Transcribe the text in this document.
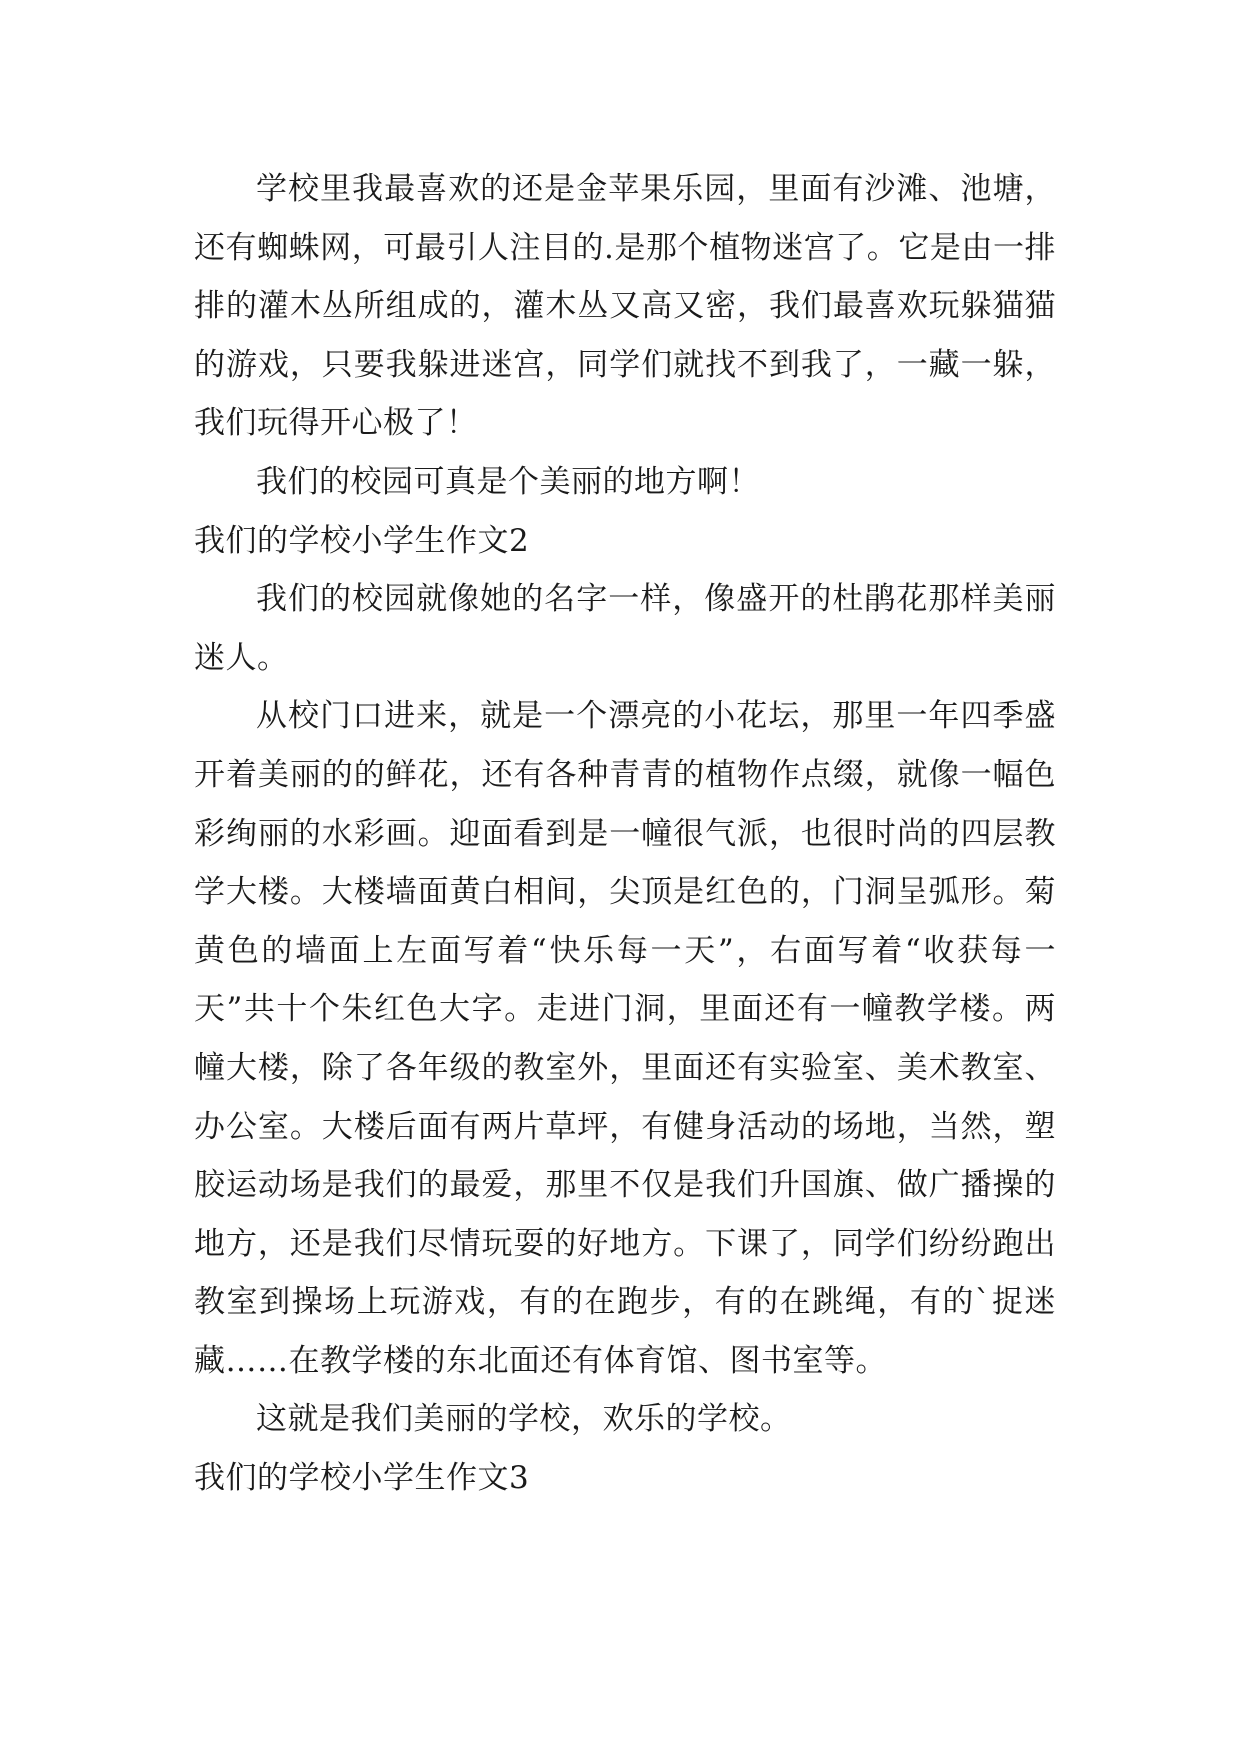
学校里我最喜欢的还是金苹果乐园，里面有沙滩、池塘，还有蜘蛛网，可最引人注目的.是那个植物迷宫了。它是由一排排的灌木丛所组成的，灌木丛又高又密，我们最喜欢玩躲猫猫的游戏，只要我躲进迷宫，同学们就找不到我了，一藏一躲，我们玩得开心极了！

我们的校园可真是个美丽的地方啊！

我们的学校小学生作文2

我们的校园就像她的名字一样，像盛开的杜鹃花那样美丽迷人。

从校门口进来，就是一个漂亮的小花坛，那里一年四季盛开着美丽的的鲜花，还有各种青青的植物作点缀，就像一幅色彩绚丽的水彩画。迎面看到是一幢很气派，也很时尚的四层教学大楼。大楼墙面黄白相间，尖顶是红色的，门洞呈弧形。菊黄色的墙面上左面写着“快乐每一天”，右面写着“收获每一天”共十个朱红色大字。走进门洞，里面还有一幢教学楼。两幢大楼，除了各年级的教室外，里面还有实验室、美术教室、办公室。大楼后面有两片草坪，有健身活动的场地，当然，塑胶运动场是我们的最爱，那里不仅是我们升国旗、做广播操的地方，还是我们尽情玩耍的好地方。下课了，同学们纷纷跑出教室到操场上玩游戏，有的在跑步，有的在跳绳，有的`捉迷藏……在教学楼的东北面还有体育馆、图书室等。

这就是我们美丽的学校，欢乐的学校。

我们的学校小学生作文3
